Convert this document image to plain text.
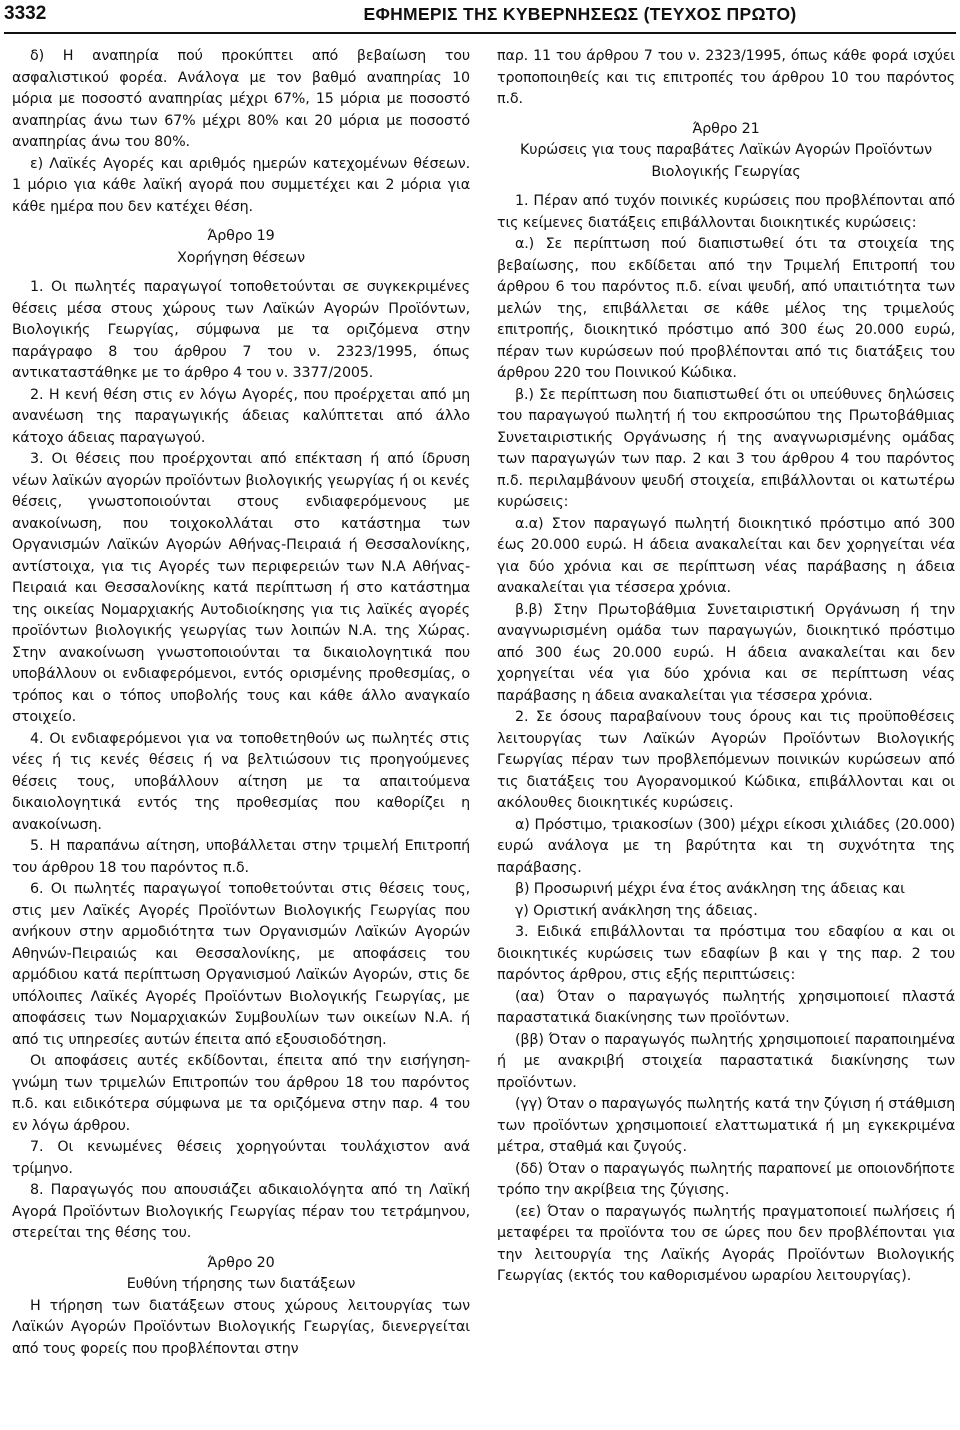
3332	ΕΦΗΜΕΡΙΣ ΤΗΣ ΚΥΒΕΡΝΗΣΕΩΣ (ΤΕΥΧΟΣ ΠΡΩΤΟ)

δ) Η αναπηρία πού προκύπτει από βεβαίωση του ασφαλιστικού φορέα. Ανάλογα με τον βαθμό αναπηρίας 10 μόρια με ποσοστό αναπηρίας μέχρι 67%, 15 μόρια με ποσοστό αναπηρίας άνω των 67% μέχρι 80% και 20 μόρια με ποσοστό αναπηρίας άνω του 80%.

ε) Λαϊκές Αγορές και αριθμός ημερών κατεχομένων θέσεων. 1 μόριο για κάθε λαϊκή αγορά που συμμετέχει και 2 μόρια για κάθε ημέρα που δεν κατέχει θέση.

Άρθρο 19

Χορήγηση θέσεων

1. Οι πωλητές παραγωγοί τοποθετούνται σε συγκεκριμένες θέσεις μέσα στους χώρους των Λαϊκών Αγορών Προϊόντων, Βιολογικής Γεωργίας, σύμφωνα με τα οριζόμενα στην παράγραφο 8 του άρθρου 7 του ν. 2323/1995, όπως αντικαταστάθηκε με το άρθρο 4 του ν. 3377/2005.

2. Η κενή θέση στις εν λόγω Αγορές, που προέρχεται από μη ανανέωση της παραγωγικής άδειας καλύπτεται από άλλο κάτοχο άδειας παραγωγού.

3. Οι θέσεις που προέρχονται από επέκταση ή από ίδρυση νέων λαϊκών αγορών προϊόντων βιολογικής γεωργίας ή οι κενές θέσεις, γνωστοποιούνται στους ενδιαφερόμενους με ανακοίνωση, που τοιχοκολλάται στο κατάστημα των Οργανισμών Λαϊκών Αγορών Αθήνας-Πειραιά ή Θεσσαλονίκης, αντίστοιχα, για τις Αγορές των περιφερειών των Ν.Α Αθήνας-Πειραιά και Θεσσαλονίκης κατά περίπτωση ή στο κατάστημα της οικείας Νομαρχιακής Αυτοδιοίκησης για τις λαϊκές αγορές προϊόντων βιολογικής γεωργίας των λοιπών Ν.Α. της Χώρας. Στην ανακοίνωση γνωστοποιούνται τα δικαιολογητικά που υποβάλλουν οι ενδιαφερόμενοι, εντός ορισμένης προθεσμίας, ο τρόπος και ο τόπος υποβολής τους και κάθε άλλο αναγκαίο στοιχείο.

4. Οι ενδιαφερόμενοι για να τοποθετηθούν ως πωλητές στις νέες ή τις κενές θέσεις ή να βελτιώσουν τις προηγούμενες θέσεις τους, υποβάλλουν αίτηση με τα απαιτούμενα δικαιολογητικά εντός της προθεσμίας που καθορίζει η ανακοίνωση.

5. Η παραπάνω αίτηση, υποβάλλεται στην τριμελή Επιτροπή του άρθρου 18 του παρόντος π.δ.

6. Οι πωλητές παραγωγοί τοποθετούνται στις θέσεις τους, στις μεν Λαϊκές Αγορές Προϊόντων Βιολογικής Γεωργίας που ανήκουν στην αρμοδιότητα των Οργανισμών Λαϊκών Αγορών Αθηνών-Πειραιώς και Θεσσαλονίκης, με αποφάσεις του αρμόδιου κατά περίπτωση Οργανισμού Λαϊκών Αγορών, στις δε υπόλοιπες Λαϊκές Αγορές Προϊόντων Βιολογικής Γεωργίας, με αποφάσεις των Νομαρχιακών Συμβουλίων των οικείων Ν.Α. ή από τις υπηρεσίες αυτών έπειτα από εξουσιοδότηση.

Οι αποφάσεις αυτές εκδίδονται, έπειτα από την εισήγηση-γνώμη των τριμελών Επιτροπών του άρθρου 18 του παρόντος π.δ. και ειδικότερα σύμφωνα με τα οριζόμενα στην παρ. 4 του εν λόγω άρθρου.

7. Οι κενωμένες θέσεις χορηγούνται τουλάχιστον ανά τρίμηνο.

8. Παραγωγός που απουσιάζει αδικαιολόγητα από τη Λαϊκή Αγορά Προϊόντων Βιολογικής Γεωργίας πέραν του τετράμηνου, στερείται της θέσης του.

Άρθρο 20

Ευθύνη τήρησης των διατάξεων

Η τήρηση των διατάξεων στους χώρους λειτουργίας των Λαϊκών Αγορών Προϊόντων Βιολογικής Γεωργίας, διενεργείται από τους φορείς που προβλέπονται στην

παρ. 11 του άρθρου 7 του ν. 2323/1995, όπως κάθε φορά ισχύει τροποποιηθείς και τις επιτροπές του άρθρου 10 του παρόντος π.δ.

Άρθρο 21

Κυρώσεις για τους παραβάτες Λαϊκών Αγορών Προϊόντων Βιολογικής Γεωργίας

1. Πέραν από τυχόν ποινικές κυρώσεις που προβλέπονται από τις κείμενες διατάξεις επιβάλλονται διοικητικές κυρώσεις:

α.) Σε περίπτωση πού διαπιστωθεί ότι τα στοιχεία της βεβαίωσης, που εκδίδεται από την Τριμελή Επιτροπή του άρθρου 6 του παρόντος π.δ. είναι ψευδή, από υπαιτιότητα των μελών της, επιβάλλεται σε κάθε μέλος της τριμελούς επιτροπής, διοικητικό πρόστιμο από 300 έως 20.000 ευρώ, πέραν των κυρώσεων πού προβλέπονται από τις διατάξεις του άρθρου 220 του Ποινικού Κώδικα.

β.) Σε περίπτωση που διαπιστωθεί ότι οι υπεύθυνες δηλώσεις του παραγωγού πωλητή ή του εκπροσώπου της Πρωτοβάθμιας Συνεταιριστικής Οργάνωσης ή της αναγνωρισμένης ομάδας των παραγωγών των παρ. 2 και 3 του άρθρου 4 του παρόντος π.δ. περιλαμβάνουν ψευδή στοιχεία, επιβάλλονται οι κατωτέρω κυρώσεις:

α.α) Στον παραγωγό πωλητή διοικητικό πρόστιμο από 300 έως 20.000 ευρώ. Η άδεια ανακαλείται και δεν χορηγείται νέα για δύο χρόνια και σε περίπτωση νέας παράβασης η άδεια ανακαλείται για τέσσερα χρόνια.

β.β) Στην Πρωτοβάθμια Συνεταιριστική Οργάνωση ή την αναγνωρισμένη ομάδα των παραγωγών, διοικητικό πρόστιμο από 300 έως 20.000 ευρώ. Η άδεια ανακαλείται και δεν χορηγείται νέα για δύο χρόνια και σε περίπτωση νέας παράβασης η άδεια ανακαλείται για τέσσερα χρόνια.

2. Σε όσους παραβαίνουν τους όρους και τις προϋποθέσεις λειτουργίας των Λαϊκών Αγορών Προϊόντων Βιολογικής Γεωργίας πέραν των προβλεπόμενων ποινικών κυρώσεων από τις διατάξεις του Αγορανομικού Κώδικα, επιβάλλονται και οι ακόλουθες διοικητικές κυρώσεις.

α) Πρόστιμο, τριακοσίων (300) μέχρι είκοσι χιλιάδες (20.000) ευρώ ανάλογα με τη βαρύτητα και τη συχνότητα της παράβασης.

β) Προσωρινή μέχρι ένα έτος ανάκληση της άδειας και

γ) Οριστική ανάκληση της άδειας.

3. Ειδικά επιβάλλονται τα πρόστιμα του εδαφίου α και οι διοικητικές κυρώσεις των εδαφίων β και γ της παρ. 2 του παρόντος άρθρου, στις εξής περιπτώσεις:

(αα) Όταν ο παραγωγός πωλητής χρησιμοποιεί πλαστά παραστατικά διακίνησης των προϊόντων.

(ββ) Όταν ο παραγωγός πωλητής χρησιμοποιεί παραποιημένα ή με ανακριβή στοιχεία παραστατικά διακίνησης των προϊόντων.

(γγ) Όταν ο παραγωγός πωλητής κατά την ζύγιση ή στάθμιση των προϊόντων χρησιμοποιεί ελαττωματικά ή μη εγκεκριμένα μέτρα, σταθμά και ζυγούς.

(δδ) Όταν ο παραγωγός πωλητής παραπονεί με οποιονδήποτε τρόπο την ακρίβεια της ζύγισης.

(εε) Όταν ο παραγωγός πωλητής πραγματοποιεί πωλήσεις ή μεταφέρει τα προϊόντα του σε ώρες που δεν προβλέπονται για την λειτουργία της Λαϊκής Αγοράς Προϊόντων Βιολογικής Γεωργίας (εκτός του καθορισμένου ωραρίου λειτουργίας).
